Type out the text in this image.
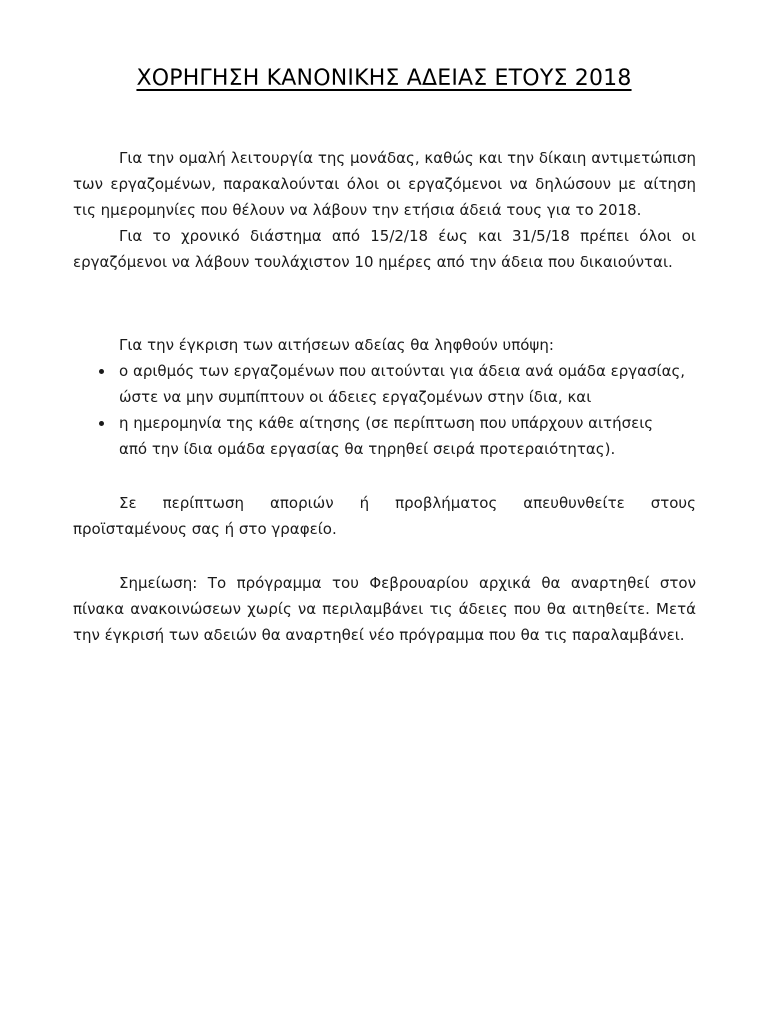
ΧΟΡΗΓΗΣΗ ΚΑΝΟΝΙΚΗΣ ΑΔΕΙΑΣ ΕΤΟΥΣ 2018

Για την ομαλή λειτουργία της μονάδας, καθώς και την δίκαιη αντιμετώπιση των εργαζομένων, παρακαλούνται όλοι οι εργαζόμενοι να δηλώσουν με αίτηση τις ημερομηνίες που θέλουν να λάβουν την ετήσια άδειά τους για το 2018.

Για το χρονικό διάστημα από 15/2/18 έως και 31/5/18 πρέπει όλοι οι εργαζόμενοι να λάβουν τουλάχιστον 10 ημέρες από την άδεια που δικαιούνται.

Για την έγκριση των αιτήσεων αδείας θα ληφθούν υπόψη:

ο αριθμός των εργαζομένων που αιτούνται για άδεια ανά ομάδα εργασίας,
ώστε να μην συμπίπτουν οι άδειες εργαζομένων στην ίδια, και
η ημερομηνία της κάθε αίτησης (σε περίπτωση που υπάρχουν αιτήσεις
από την ίδια ομάδα εργασίας θα τηρηθεί σειρά προτεραιότητας).
Σε περίπτωση αποριών ή προβλήματος απευθυνθείτε στους
προϊσταμένους σας ή στο γραφείο.

Σημείωση: Το πρόγραμμα του Φεβρουαρίου αρχικά θα αναρτηθεί στον πίνακα ανακοινώσεων χωρίς να περιλαμβάνει τις άδειες που θα αιτηθείτε. Μετά την έγκρισή των αδειών θα αναρτηθεί νέο πρόγραμμα που θα τις παραλαμβάνει.
